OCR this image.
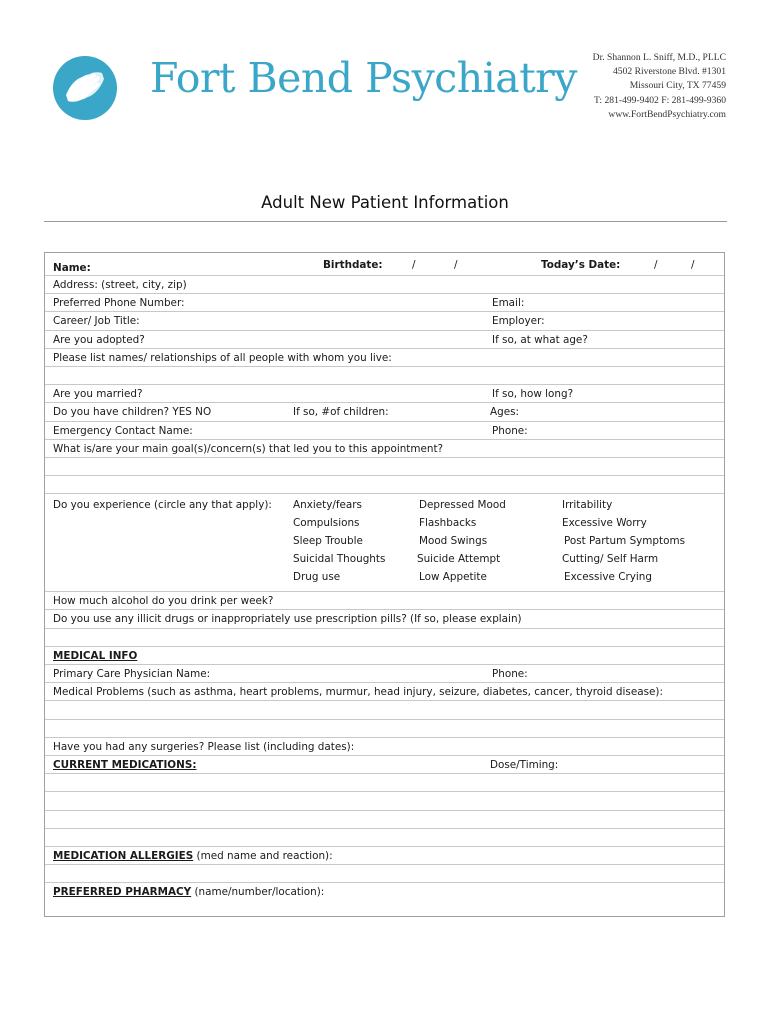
Fort Bend Psychiatry Dr. Shannon L. Sniff, M.D., PLLC
4502 Riverstone Blvd. #1301
Missouri City, TX 77459
T: 281-499-9402 F: 281-499-9360
www.FortBendPsychiatry.com
Adult New Patient Information
Name:	Birthdate:	/	/	Today’s Date:	/	/
Address: (street, city, zip)
Preferred Phone Number:	Email:
Career/ Job Title:	Employer:
Are you adopted?	If so, at what age?
Please list names/ relationships of all people with whom you live:
Are you married?	If so, how long?
Do you have children? YES NO	If so, #of children:	Ages:
Emergency Contact Name:	Phone:
What is/are your main goal(s)/concern(s) that led you to this appointment?
Do you experience (circle any that apply): Anxiety/fears	Depressed Mood	Irritability
Compulsions	Flashbacks	Excessive Worry
Sleep Trouble	Mood Swings	Post Partum Symptoms
Suicidal Thoughts	Suicide Attempt	Cutting/ Self Harm
Drug use	Low Appetite	Excessive Crying
How much alcohol do you drink per week?
Do you use any illicit drugs or inappropriately use prescription pills? (If so, please explain)
MEDICAL INFO
Primary Care Physician Name:	Phone:
Medical Problems (such as asthma, heart problems, murmur, head injury, seizure, diabetes, cancer, thyroid disease):
Have you had any surgeries? Please list (including dates):
CURRENT MEDICATIONS:	Dose/Timing:
MEDICATION ALLERGIES (med name and reaction):
PREFERRED PHARMACY (name/number/location):
